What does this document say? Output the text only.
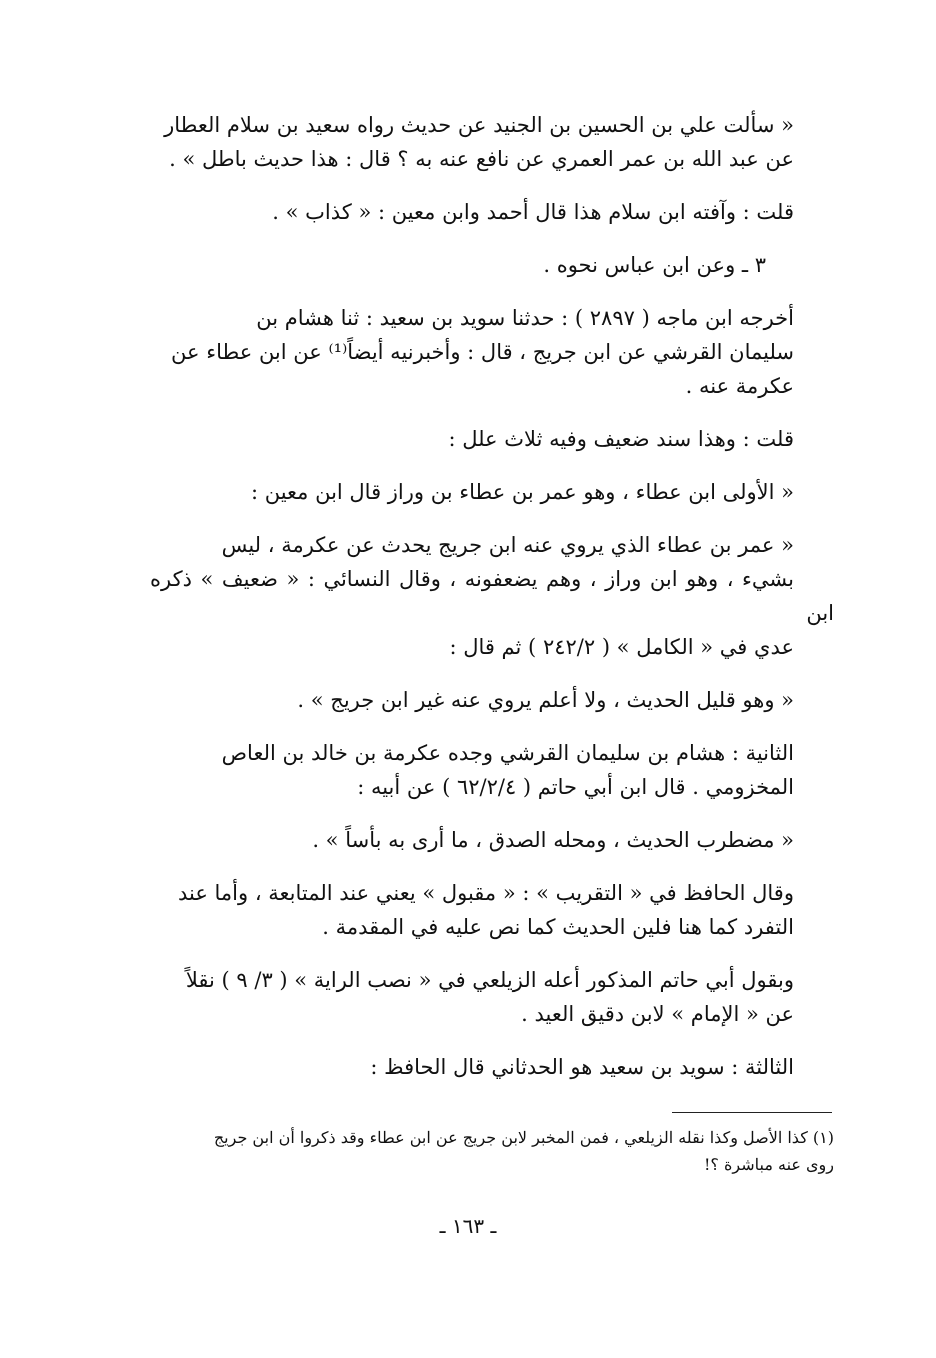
« سألت علي بن الحسين بن الجنيد عن حديث رواه سعيد بن سلام العطار
عن عبد الله بن عمر العمري عن نافع عنه به ؟ قال : هذا حديث باطل » .

قلت : وآفته ابن سلام هذا قال أحمد وابن معين : « كذاب » .

٣ ـ وعن ابن عباس نحوه .

أخرجه ابن ماجه ( ٢٨٩٧ ) : حدثنا سويد بن سعيد : ثنا هشام بن
سليمان القرشي عن ابن جريج ، قال : وأخبرنيه أيضاً⁽¹⁾ عن ابن عطاء عن
عكرمة عنه .

قلت : وهذا سند ضعيف وفيه ثلاث علل :

« الأولى ابن عطاء ، وهو عمر بن عطاء بن وراز قال ابن معين :

« عمر بن عطاء الذي يروي عنه ابن جريج يحدث عن عكرمة ، ليس
بشيء ، وهو ابن وراز ، وهم يضعفونه ، وقال النسائي : « ضعيف » ذكره ابن
عدي في « الكامل » ( ٢٤٢/٢ ) ثم قال :

« وهو قليل الحديث ، ولا أعلم يروي عنه غير ابن جريج » .

الثانية : هشام بن سليمان القرشي وجده عكرمة بن خالد بن العاص
المخزومي . قال ابن أبي حاتم ( ٦٢/٢/٤ ) عن أبيه :

« مضطرب الحديث ، ومحله الصدق ، ما أرى به بأساً » .

وقال الحافظ في « التقريب » : « مقبول » يعني عند المتابعة ، وأما عند
التفرد كما هنا فلين الحديث كما نص عليه في المقدمة .

وبقول أبي حاتم المذكور أعله الزيلعي في « نصب الراية » ( ٣/ ٩ ) نقلاً
عن « الإمام » لابن دقيق العيد .

الثالثة : سويد بن سعيد هو الحدثاني قال الحافظ :

(١) كذا الأصل وكذا نقله الزيلعي ، فمن المخبر لابن جريج عن ابن عطاء وقد ذكروا أن ابن جريج
روى عنه مباشرة ؟!
ـ ١٦٣ ـ
